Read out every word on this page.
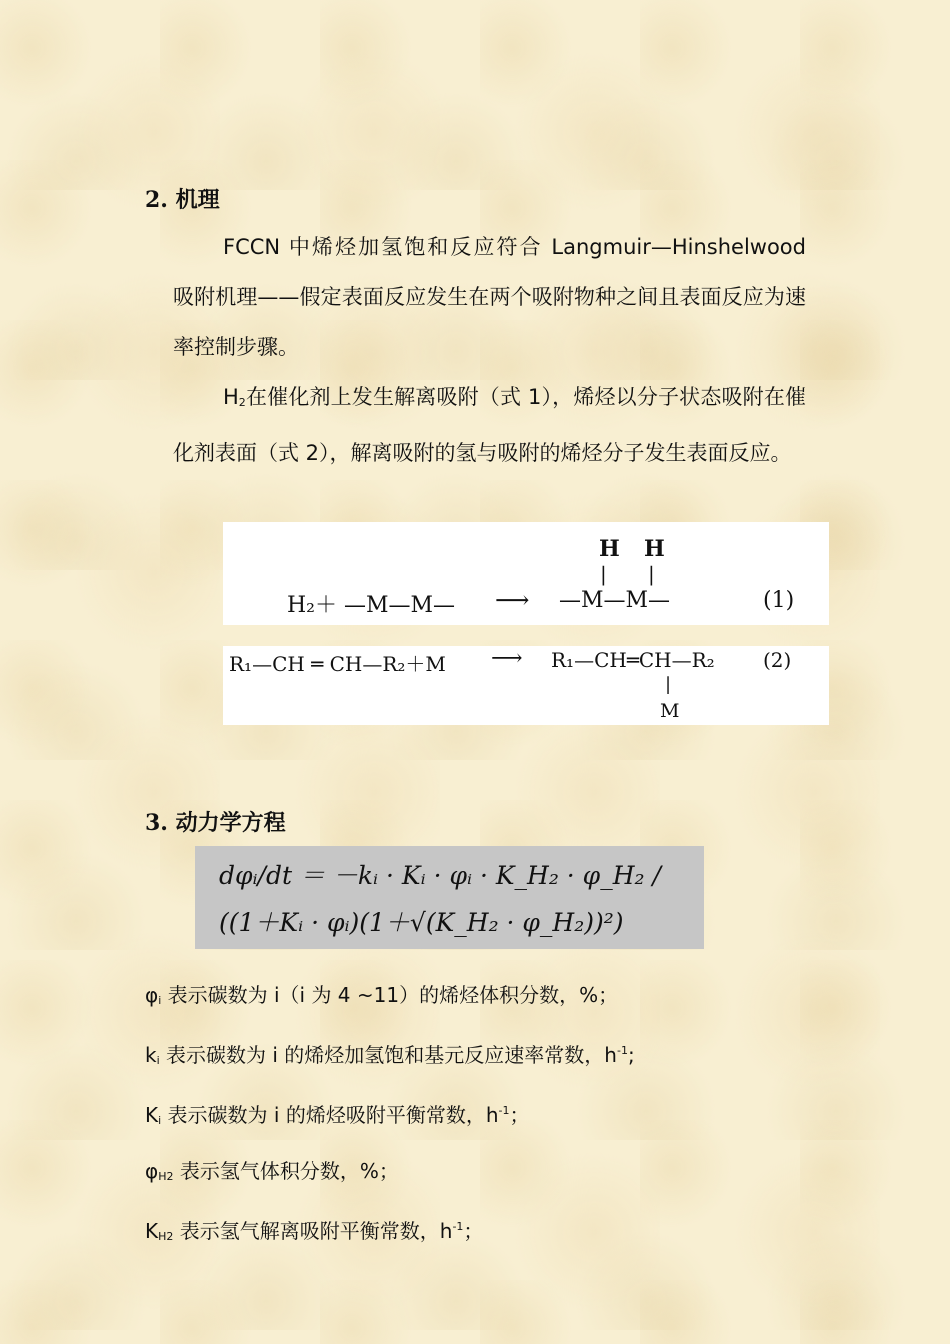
2. 机理

FCCN 中烯烃加氢饱和反应符合 Langmuir—Hinshelwood 吸附机理——假定表面反应发生在两个吸附物种之间且表面反应为速率控制步骤。

$H_2$在催化剂上发生解离吸附（式 1），烯烃以分子状态吸附在催化剂表面（式 2），解离吸附的氢与吸附的烯烃分子发生表面反应。

H H
| |
H₂＋ —M—M— ⟶ —M—M—	(1)
R₁—CH ═ CH—R₂＋M ⟶ R₁—CH═CH—R₂ (2)
|
M
3. 动力学方程
dφᵢ/dt ＝ －kᵢ · Kᵢ · φᵢ · K_H₂ · φ_H₂ /
((1＋Kᵢ · φᵢ)(1＋√(K_H₂ · φ_H₂))²)
$\varphi_i$ 表示碳数为 i（i 为 4 ~11）的烯烃体积分数，%；
$k_i$ 表示碳数为 i 的烯烃加氢饱和基元反应速率常数，$h^{-1}$;
$K_i$ 表示碳数为 i 的烯烃吸附平衡常数，$h^{-1}$；
$\varphi_{H2}$ 表示氢气体积分数，%；
$K_{H2}$ 表示氢气解离吸附平衡常数，$h^{-1}$；
